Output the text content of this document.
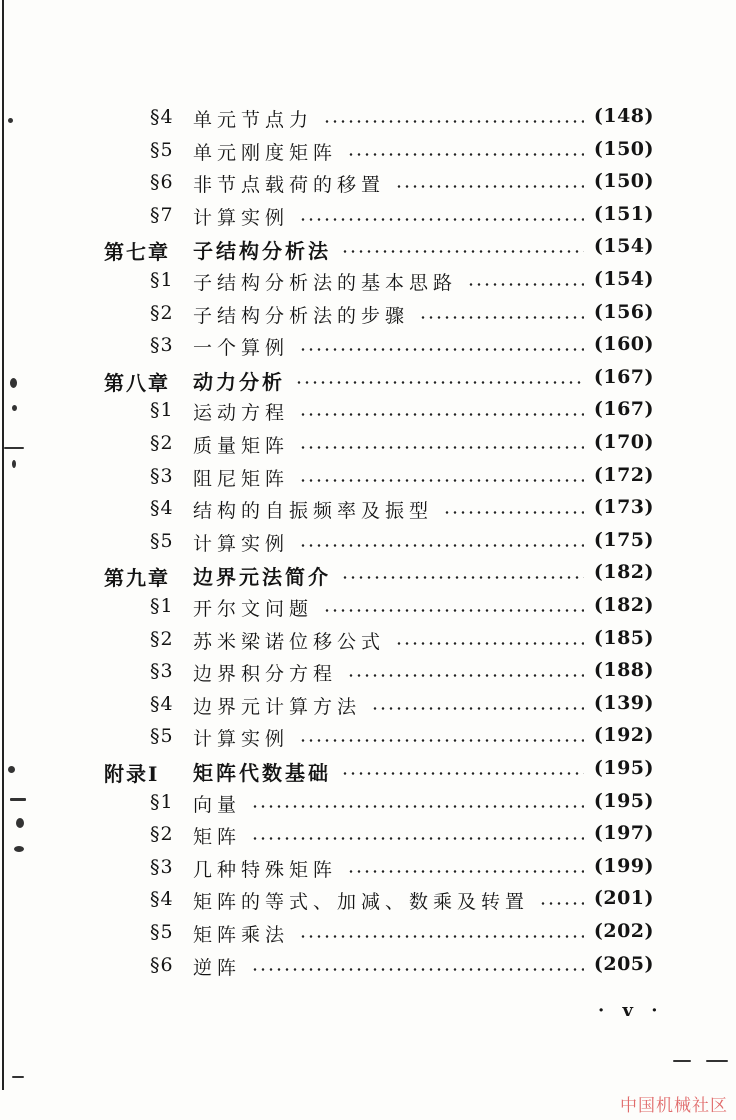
§4 单元节点力	(148)
§5 单元刚度矩阵	(150)
§6 非节点载荷的移置	(150)
§7 计算实例	(151)
第七章 子结构分析法	(154)
§1 子结构分析法的基本思路	(154)
§2 子结构分析法的步骤	(156)
§3 一个算例	(160)
第八章 动力分析	(167)
§1 运动方程	(167)
§2 质量矩阵	(170)
§3 阻尼矩阵	(172)
§4 结构的自振频率及振型	(173)
§5 计算实例	(175)
第九章 边界元法简介	(182)
§1 开尔文问题	(182)
§2 苏米梁诺位移公式	(185)
§3 边界积分方程	(188)
§4 边界元计算方法	(139)
§5 计算实例	(192)
附录Ⅰ 矩阵代数基础	(195)
§1 向量	(195)
§2 矩阵	(197)
§3 几种特殊矩阵	(199)
§4 矩阵的等式、加减、数乘及转置	(201)
§5 矩阵乘法	(202)
§6 逆阵	(205)
· v ·
中国机械社区
